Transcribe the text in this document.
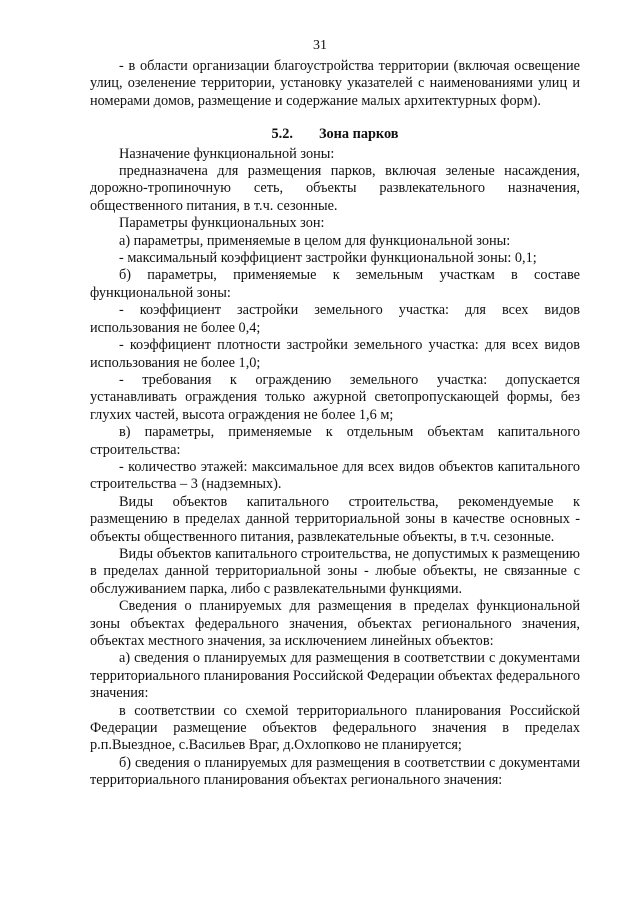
31

- в области организации благоустройства территории (включая освещение улиц, озеленение территории, установку указателей с наименованиями улиц и номерами домов, размещение и содержание малых архитектурных форм).

5.2. Зона парков

Назначение функциональной зоны:

предназначена для размещения парков, включая зеленые насаждения, дорожно-тропиночную сеть, объекты развлекательного назначения, общественного питания, в т.ч. сезонные.

Параметры функциональных зон:

а) параметры, применяемые в целом для функциональной зоны:

- максимальный коэффициент застройки функциональной зоны: 0,1;

б) параметры, применяемые к земельным участкам в составе функциональной зоны:

- коэффициент застройки земельного участка: для всех видов использования не более 0,4;

- коэффициент плотности застройки земельного участка: для всех видов использования не более 1,0;

- требования к ограждению земельного участка: допускается устанавливать ограждения только ажурной светопропускающей формы, без глухих частей, высота ограждения не более 1,6 м;

в) параметры, применяемые к отдельным объектам капитального строительства:

- количество этажей: максимальное для всех видов объектов капитального строительства – 3 (надземных).

Виды объектов капитального строительства, рекомендуемые к размещению в пределах данной территориальной зоны в качестве основных - объекты общественного питания, развлекательные объекты, в т.ч. сезонные.

Виды объектов капитального строительства, не допустимых к размещению в пределах данной территориальной зоны - любые объекты, не связанные с обслуживанием парка, либо с развлекательными функциями.

Сведения о планируемых для размещения в пределах функциональной зоны объектах федерального значения, объектах регионального значения, объектах местного значения, за исключением линейных объектов:

а) сведения о планируемых для размещения в соответствии с документами территориального планирования Российской Федерации объектах федерального значения:

в соответствии со схемой территориального планирования Российской Федерации размещение объектов федерального значения в пределах р.п.Выездное, с.Васильев Враг, д.Охлопково не планируется;

б) сведения о планируемых для размещения в соответствии с документами территориального планирования объектах регионального значения:
